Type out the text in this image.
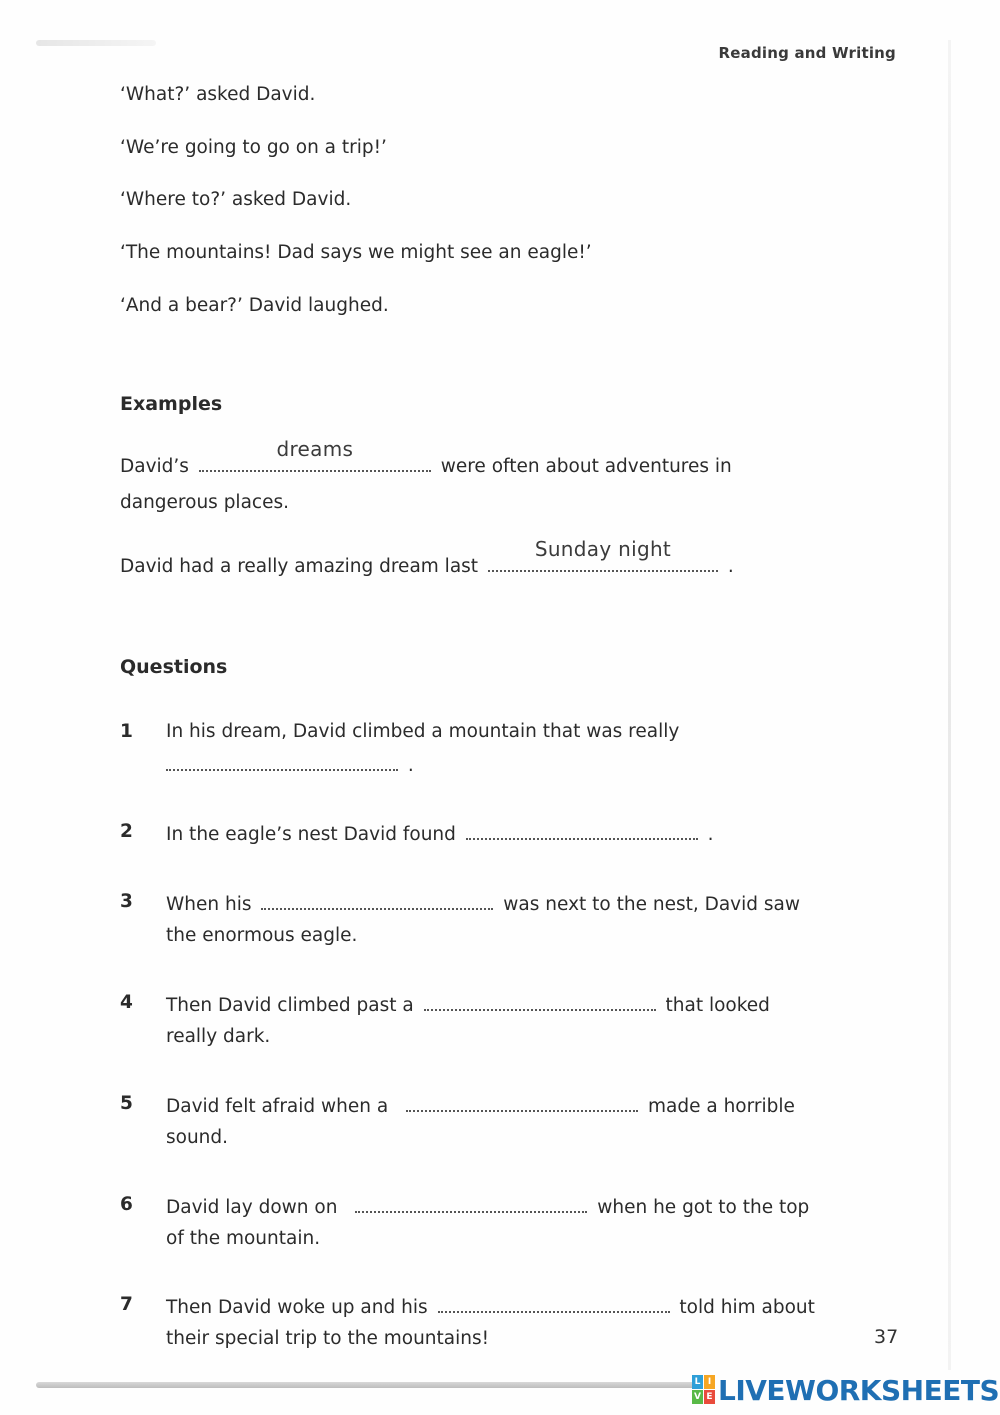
Reading and Writing
‘What?’ asked David.
‘We’re going to go on a trip!’
‘Where to?’ asked David.
‘The mountains! Dad says we might see an eagle!’
‘And a bear?’ David laughed.
Examples
David’s
dreams
were often about adventures in dangerous places.
David had a really amazing dream last
Sunday night
.
Questions
1 In his dream, David climbed a mountain that was really  .
2 In the eagle’s nest David found	.
3 When his	was next to the nest, David saw the enormous eagle.
4 Then David climbed past a	that looked really dark.
5 David felt afraid when a	made a horrible sound.
6 David lay down on	when he got to the top of the mountain.
7 Then David woke up and his	told him about their special trip to the mountains!	37
L I
V E LIVEWORKSHEETS
